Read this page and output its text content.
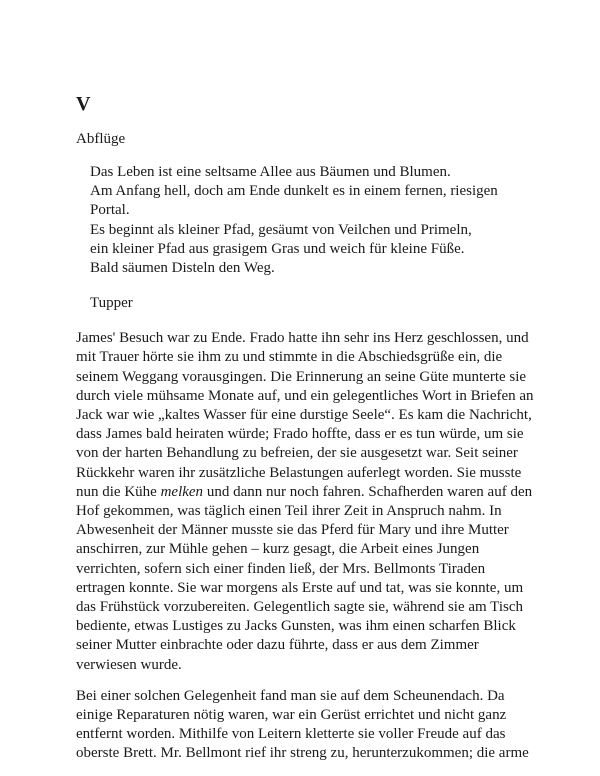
V
Abflüge
Das Leben ist eine seltsame Allee aus Bäumen und Blumen.
Am Anfang hell, doch am Ende dunkelt es in einem fernen, riesigen
Portal.
Es beginnt als kleiner Pfad, gesäumt von Veilchen und Primeln,
ein kleiner Pfad aus grasigem Gras und weich für kleine Füße.
Bald säumen Disteln den Weg.
Tupper
James' Besuch war zu Ende. Frado hatte ihn sehr ins Herz geschlossen, und
mit Trauer hörte sie ihm zu und stimmte in die Abschiedsgrüße ein, die
seinem Weggang vorausgingen. Die Erinnerung an seine Güte munterte sie
durch viele mühsame Monate auf, und ein gelegentliches Wort in Briefen an
Jack war wie „kaltes Wasser für eine durstige Seele“. Es kam die Nachricht,
dass James bald heiraten würde; Frado hoffte, dass er es tun würde, um sie
von der harten Behandlung zu befreien, der sie ausgesetzt war. Seit seiner
Rückkehr waren ihr zusätzliche Belastungen auferlegt worden. Sie musste
nun die Kühe melken und dann nur noch fahren. Schafherden waren auf den
Hof gekommen, was täglich einen Teil ihrer Zeit in Anspruch nahm. In
Abwesenheit der Männer musste sie das Pferd für Mary und ihre Mutter
anschirren, zur Mühle gehen – kurz gesagt, die Arbeit eines Jungen
verrichten, sofern sich einer finden ließ, der Mrs. Bellmonts Tiraden
ertragen konnte. Sie war morgens als Erste auf und tat, was sie konnte, um
das Frühstück vorzubereiten. Gelegentlich sagte sie, während sie am Tisch
bediente, etwas Lustiges zu Jacks Gunsten, was ihm einen scharfen Blick
seiner Mutter einbrachte oder dazu führte, dass er aus dem Zimmer
verwiesen wurde.
Bei einer solchen Gelegenheit fand man sie auf dem Scheunendach. Da
einige Reparaturen nötig waren, war ein Gerüst errichtet und nicht ganz
entfernt worden. Mithilfe von Leitern kletterte sie voller Freude auf das
oberste Brett. Mr. Bellmont rief ihr streng zu, herunterzukommen; die arme
